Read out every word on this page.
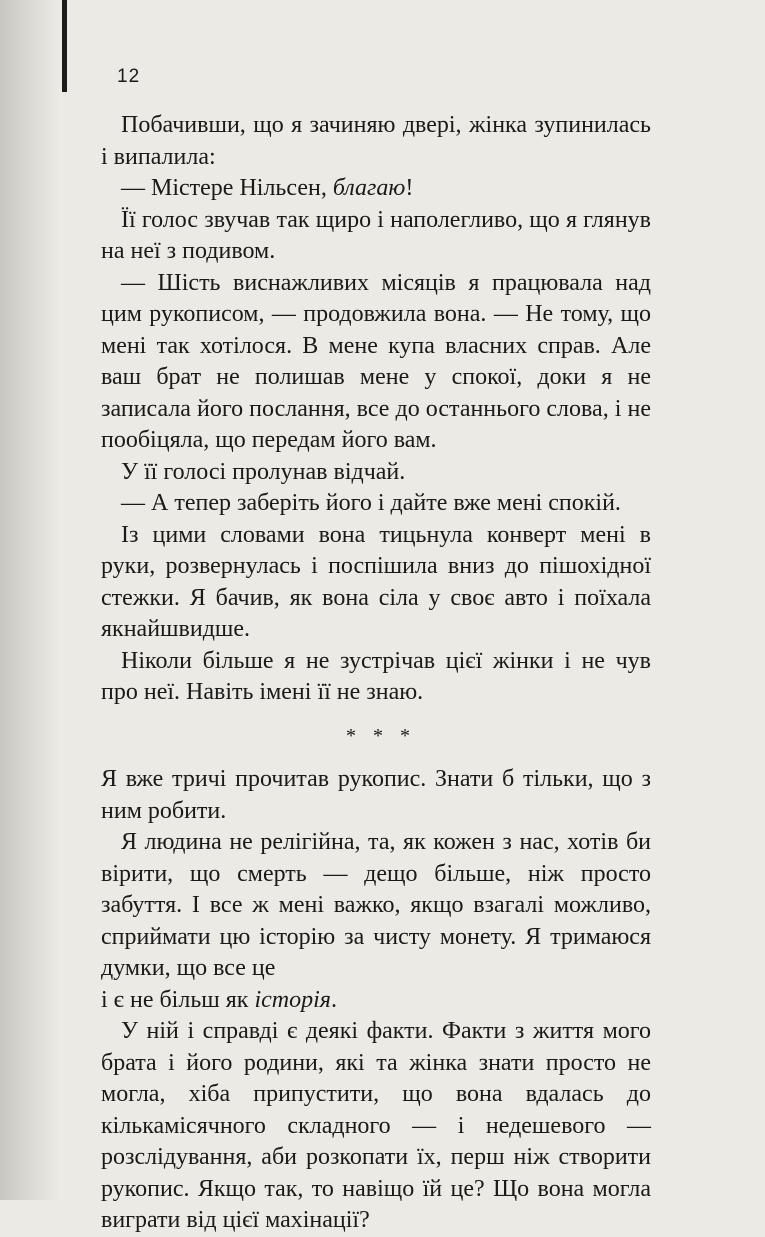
12

Побачивши, що я зачиняю двері, жінка зупинилась і випалила:

— Містере Нільсен, благаю!

Її голос звучав так щиро і наполегливо, що я глянув на неї з подивом.

— Шість виснажливих місяців я працювала над цим рукописом, — продовжила вона. — Не тому, що мені так хотілося. В мене купа власних справ. Але ваш брат не полишав мене у спокої, доки я не записала його послання, все до останнього слова, і не пообіцяла, що передам його вам.

У її голосі пролунав відчай.

— А тепер заберіть його і дайте вже мені спокій.

Із цими словами вона тицьнула конверт мені в руки, розвернулась і поспішила вниз до пішохідної стежки. Я бачив, як вона сіла у своє авто і поїхала якнайшвидше.

Ніколи більше я не зустрічав цієї жінки і не чув про неї. Навіть імені її не знаю.

* * *

Я вже тричі прочитав рукопис. Знати б тільки, що з ним робити.

Я людина не релігійна, та, як кожен з нас, хотів би вірити, що смерть — дещо більше, ніж просто забуття. І все ж мені важко, якщо взагалі можливо, сприймати цю історію за чисту монету. Я тримаюся думки, що все це

і є не більш як історія.

У ній і справді є деякі факти. Факти з життя мого брата і його родини, які та жінка знати просто не могла, хіба припустити, що вона вдалась до кількамісячного складного — і недешевого — розслідування, аби розкопати їх, перш ніж створити рукопис. Якщо так, то навіщо їй це? Що вона могла виграти від цієї махінації?
